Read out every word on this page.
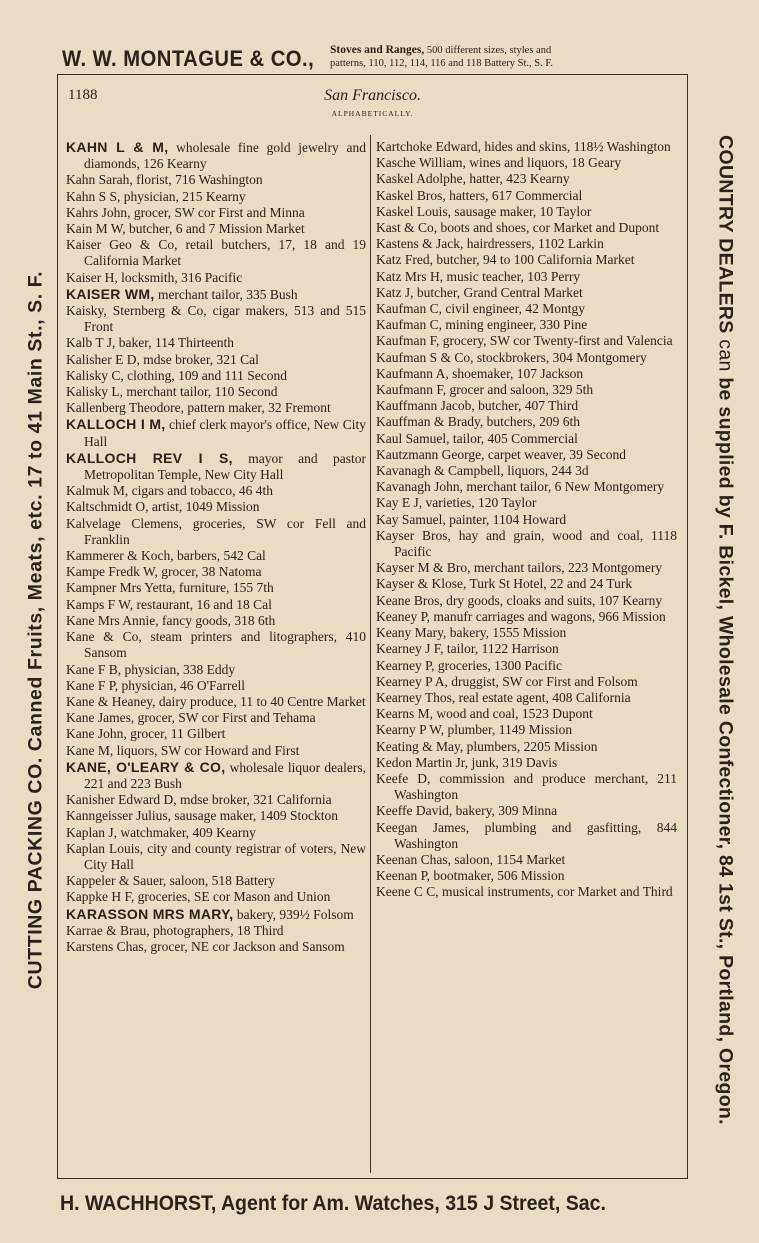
W. W. MONTAGUE & CO., Stoves and Ranges, 500 different sizes, styles and
patterns, 110, 112, 114, 116 and 118 Battery St., S. F.
CUTTING PACKING CO. Canned Fruits, Meats, etc. 17 to 41 Main St., S. F.
COUNTRY DEALERS can be supplied by F. Bickel, Wholesale Confectioner, 84 1st St., Portland, Oregon.
1188	San Francisco.
ALPHABETICALLY.
KAHN L & M, wholesale fine gold jewelry and diamonds, 126 Kearny
Kahn Sarah, florist, 716 Washington
Kahn S S, physician, 215 Kearny
Kahrs John, grocer, SW cor First and Minna
Kain M W, butcher, 6 and 7 Mission Market
Kaiser Geo & Co, retail butchers, 17, 18 and 19 California Market
Kaiser H, locksmith, 316 Pacific
KAISER WM, merchant tailor, 335 Bush
Kaisky, Sternberg & Co, cigar makers, 513 and 515 Front
Kalb T J, baker, 114 Thirteenth
Kalisher E D, mdse broker, 321 Cal
Kalisky C, clothing, 109 and 111 Second
Kalisky L, merchant tailor, 110 Second
Kallenberg Theodore, pattern maker, 32 Fremont
KALLOCH I M, chief clerk mayor's office, New City Hall
KALLOCH REV I S, mayor and pastor Metropolitan Temple, New City Hall
Kalmuk M, cigars and tobacco, 46 4th
Kaltschmidt O, artist, 1049 Mission
Kalvelage Clemens, groceries, SW cor Fell and Franklin
Kammerer & Koch, barbers, 542 Cal
Kampe Fredk W, grocer, 38 Natoma
Kampner Mrs Yetta, furniture, 155 7th
Kamps F W, restaurant, 16 and 18 Cal
Kane Mrs Annie, fancy goods, 318 6th
Kane & Co, steam printers and litographers, 410 Sansom
Kane F B, physician, 338 Eddy
Kane F P, physician, 46 O'Farrell
Kane & Heaney, dairy produce, 11 to 40 Centre Market
Kane James, grocer, SW cor First and Tehama
Kane John, grocer, 11 Gilbert
Kane M, liquors, SW cor Howard and First
KANE, O'LEARY & CO, wholesale liquor dealers, 221 and 223 Bush
Kanisher Edward D, mdse broker, 321 California
Kanngeisser Julius, sausage maker, 1409 Stockton
Kaplan J, watchmaker, 409 Kearny
Kaplan Louis, city and county registrar of voters, New City Hall
Kappeler & Sauer, saloon, 518 Battery
Kappke H F, groceries, SE cor Mason and Union
KARASSON MRS MARY, bakery, 939½ Folsom
Karrae & Brau, photographers, 18 Third
Karstens Chas, grocer, NE cor Jackson and Sansom
Kartchoke Edward, hides and skins, 118½ Washington
Kasche William, wines and liquors, 18 Geary
Kaskel Adolphe, hatter, 423 Kearny
Kaskel Bros, hatters, 617 Commercial
Kaskel Louis, sausage maker, 10 Taylor
Kast & Co, boots and shoes, cor Market and Dupont
Kastens & Jack, hairdressers, 1102 Larkin
Katz Fred, butcher, 94 to 100 California Market
Katz Mrs H, music teacher, 103 Perry
Katz J, butcher, Grand Central Market
Kaufman C, civil engineer, 42 Montgy
Kaufman C, mining engineer, 330 Pine
Kaufman F, grocery, SW cor Twenty-first and Valencia
Kaufman S & Co, stockbrokers, 304 Montgomery
Kaufmann A, shoemaker, 107 Jackson
Kaufmann F, grocer and saloon, 329 5th
Kauffmann Jacob, butcher, 407 Third
Kauffman & Brady, butchers, 209 6th
Kaul Samuel, tailor, 405 Commercial
Kautzmann George, carpet weaver, 39 Second
Kavanagh & Campbell, liquors, 244 3d
Kavanagh John, merchant tailor, 6 New Montgomery
Kay E J, varieties, 120 Taylor
Kay Samuel, painter, 1104 Howard
Kayser Bros, hay and grain, wood and coal, 1118 Pacific
Kayser M & Bro, merchant tailors, 223 Montgomery
Kayser & Klose, Turk St Hotel, 22 and 24 Turk
Keane Bros, dry goods, cloaks and suits, 107 Kearny
Keaney P, manufr carriages and wagons, 966 Mission
Keany Mary, bakery, 1555 Mission
Kearney J F, tailor, 1122 Harrison
Kearney P, groceries, 1300 Pacific
Kearney P A, druggist, SW cor First and Folsom
Kearney Thos, real estate agent, 408 California
Kearns M, wood and coal, 1523 Dupont
Kearny P W, plumber, 1149 Mission
Keating & May, plumbers, 2205 Mission
Kedon Martin Jr, junk, 319 Davis
Keefe D, commission and produce merchant, 211 Washington
Keeffe David, bakery, 309 Minna
Keegan James, plumbing and gasfitting, 844 Washington
Keenan Chas, saloon, 1154 Market
Keenan P, bootmaker, 506 Mission
Keene C C, musical instruments, cor Market and Third
H. WACHHORST, Agent for Am. Watches, 315 J Street, Sac.
